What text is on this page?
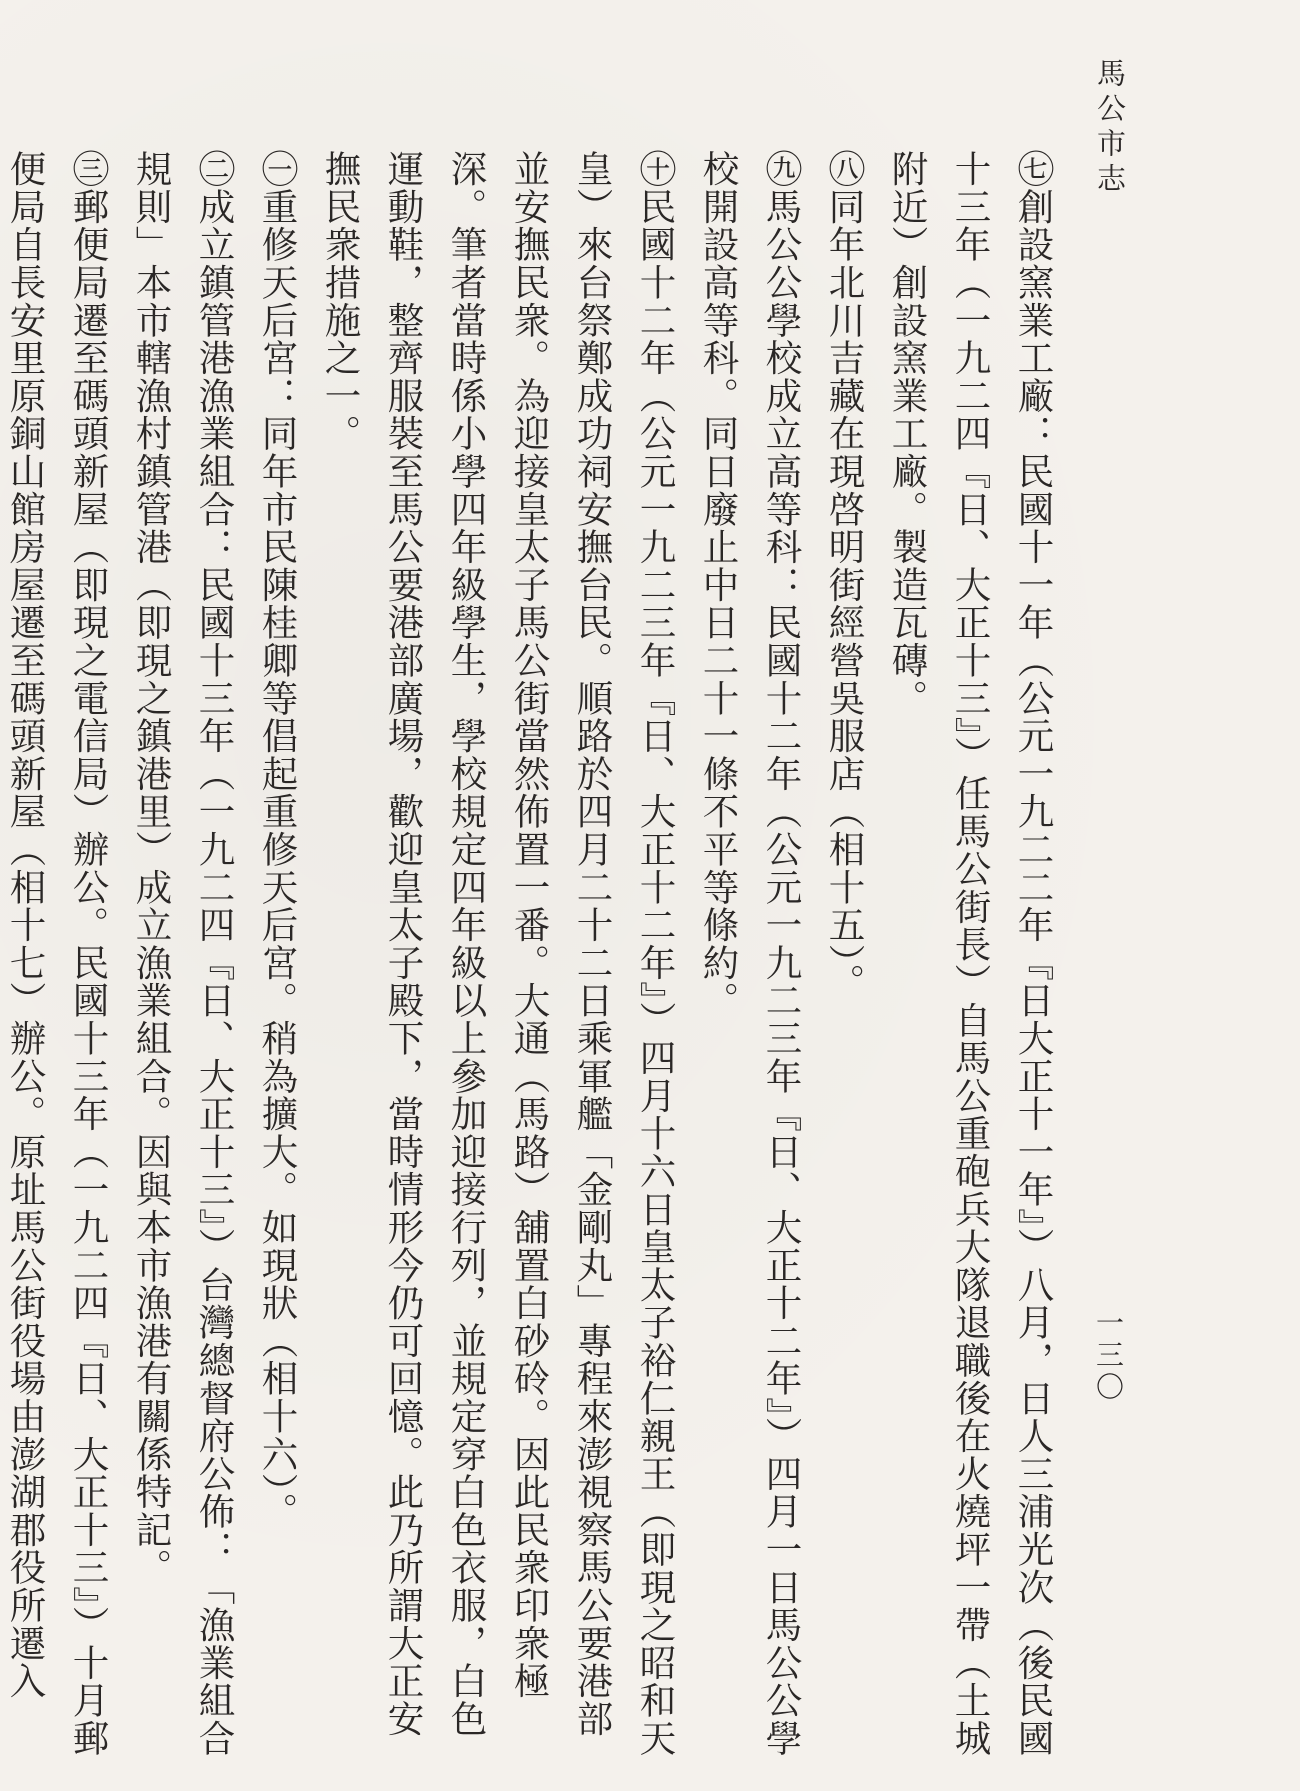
馬公市志
一三〇

㊆創設窯業工廠：民國十一年（公元一九二二年『日大正十一年』）八月，日人三浦光次（後民國十三年（一九二四『日、大正十三』）任馬公街長）自馬公重砲兵大隊退職後在火燒坪一帶（土城附近）創設窯業工廠。製造瓦磚。

㊇同年北川吉藏在現啓明街經營吳服店（相十五）。

㊈馬公公學校成立高等科：民國十二年（公元一九二三年『日、大正十二年』）四月一日馬公公學校開設高等科。同日廢止中日二十一條不平等條約。

㊉民國十二年（公元一九二三年『日、大正十二年』）四月十六日皇太子裕仁親王（即現之昭和天皇）來台祭鄭成功祠安撫台民。順路於四月二十二日乘軍艦「金剛丸」專程來澎視察馬公要港部並安撫民衆。為迎接皇太子馬公街當然佈置一番。大通（馬路）舖置白砂砱。因此民衆印衆極深。筆者當時係小學四年級學生，學校規定四年級以上參加迎接行列，並規定穿白色衣服，白色運動鞋，整齊服裝至馬公要港部廣場，歡迎皇太子殿下，當時情形今仍可回憶。此乃所謂大正安撫民衆措施之一。

㊀重修天后宮：同年市民陳桂卿等倡起重修天后宮。稍為擴大。如現狀（相十六）。

㊁成立鎮管港漁業組合：民國十三年（一九二四『日、大正十三』）台灣總督府公佈：「漁業組合規則」本市轄漁村鎮管港（即現之鎮港里）成立漁業組合。因與本市漁港有關係特記。

㊂郵便局遷至碼頭新屋（即現之電信局）辦公。民國十三年（一九二四『日、大正十三』）十月郵便局自長安里原銅山館房屋遷至碼頭新屋（相十七）辦公。原址馬公街役場由澎湖郡役所遷入
